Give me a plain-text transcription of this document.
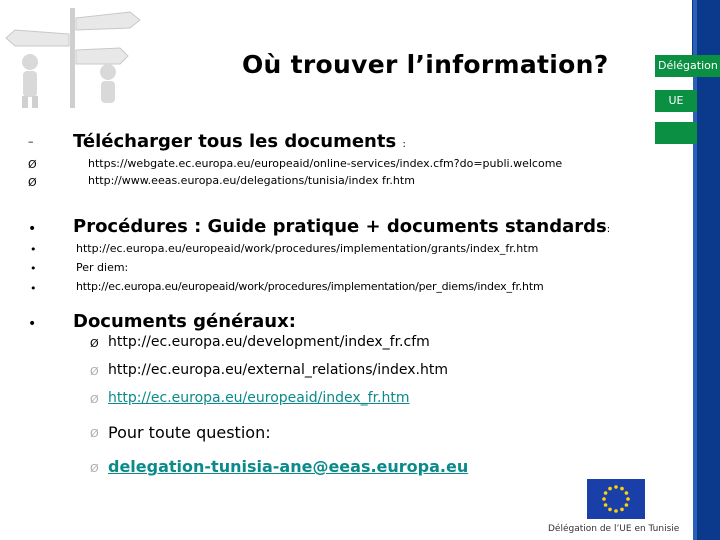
Délégation
UE
Où trouver l’information?
– Télécharger tous les documents :
Ø	https://webgate.ec.europa.eu/europeaid/online-services/index.cfm?do=publi.welcome
Ø	http://www.eeas.europa.eu/delegations/tunisia/index fr.htm
• Procédures : Guide pratique + documents standards:
•	http://ec.europa.eu/europeaid/work/procedures/implementation/grants/index_fr.htm
•	Per diem:
•	http://ec.europa.eu/europeaid/work/procedures/implementation/per_diems/index_fr.htm
• Documents généraux:
Ø http://ec.europa.eu/development/index_fr.cfm
Ø http://ec.europa.eu/external_relations/index.htm
Ø http://ec.europa.eu/europeaid/index_fr.htm
Ø Pour toute question:
Ø delegation-tunisia-ane@eeas.europa.eu
Délégation de l’UE en Tunisie
